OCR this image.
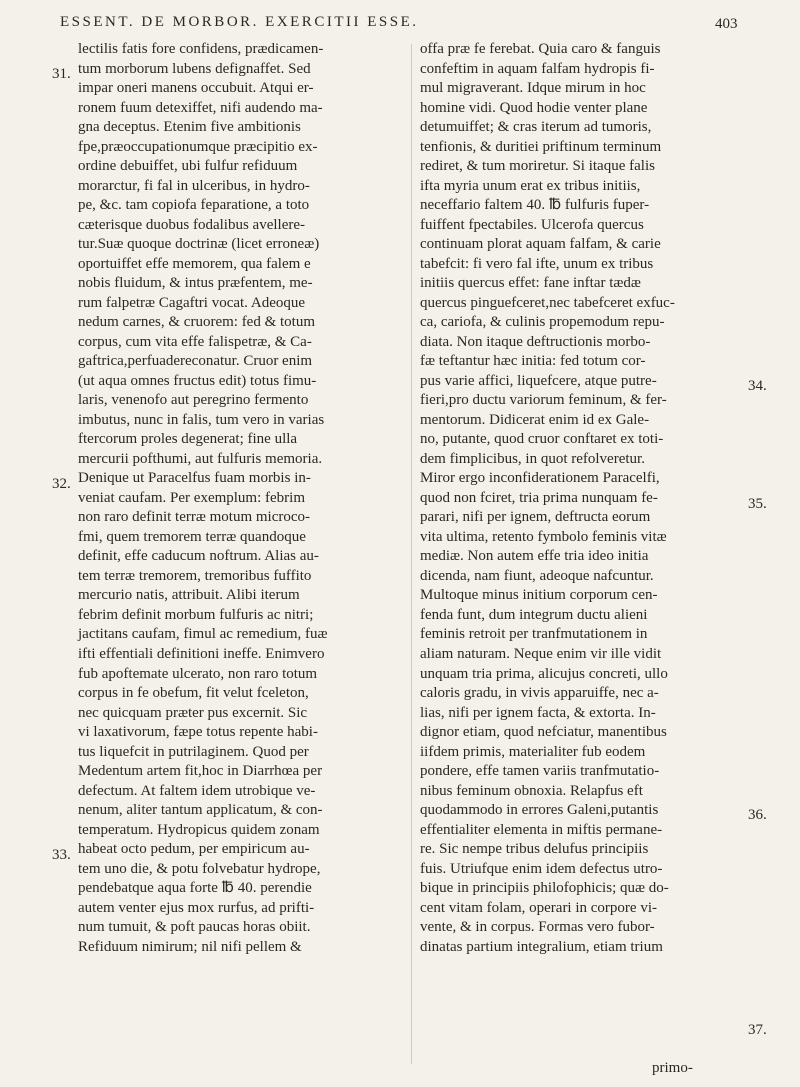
ESSENT. DE MORBOR. EXERCITII ESSE.	403
lectilis fatis fore confidens, prædicamen-
tum morborum lubens defignaffet. Sed
impar oneri manens occubuit. Atqui er-
ronem fuum detexiffet, nifi audendo ma-
gna deceptus. Etenim five ambitionis
fpe,præoccupationumque præcipitio ex-
ordine debuiffet, ubi fulfur refiduum
morarctur, fi fal in ulceribus, in hydro-
pe, &c. tam copiofa feparatione, a toto
cæterisque duobus fodalibus avellere-
tur.Suæ quoque doctrinæ (licet erroneæ)
oportuiffet effe memorem, qua falem e
nobis fluidum, & intus præfentem, me-
rum falpetræ Cagaftri vocat. Adeoque
nedum carnes, & cruorem: fed & totum
corpus, cum vita effe falispetræ, & Ca-
gaftrica,perfuadereconatur. Cruor enim
(ut aqua omnes fructus edit) totus fimu-
laris, venenofo aut peregrino fermento
imbutus, nunc in falis, tum vero in varias
ftercorum proles degenerat; fine ulla
mercurii pofthumi, aut fulfuris memoria.
Denique ut Paracelfus fuam morbis in-
veniat caufam. Per exemplum: febrim
non raro definit terræ motum microco-
fmi, quem tremorem terræ quandoque
definit, effe caducum noftrum. Alias au-
tem terræ tremorem, tremoribus fuffito
mercurio natis, attribuit. Alibi iterum
febrim definit morbum fulfuris ac nitri;
jactitans caufam, fimul ac remedium, fuæ
ifti effentiali definitioni ineffe. Enimvero
fub apoftemate ulcerato, non raro totum
corpus in fe obefum, fit velut fceleton,
nec quicquam præter pus excernit. Sic
vi laxativorum, fæpe totus repente habi-
tus liquefcit in putrilaginem. Quod per
Medentum artem fit,hoc in Diarrhœa per
defectum. At faltem idem utrobique ve-
nenum, aliter tantum applicatum, & con-
temperatum. Hydropicus quidem zonam
habeat octo pedum, per empiricum au-
tem uno die, & potu folvebatur hydrope,
pendebatque aqua forte ℔ 40. perendie
autem venter ejus mox rurfus, ad prifti-
num tumuit, & poft paucas horas obiit.
Refiduum nimirum; nil nifi pellem &
offa præ fe ferebat. Quia caro & fanguis
confeftim in aquam falfam hydropis fi-
mul migraverant. Idque mirum in hoc
homine vidi. Quod hodie venter plane
detumuiffet; & cras iterum ad tumoris,
tenfionis, & duritiei priftinum terminum
rediret, & tum moriretur. Si itaque falis
ifta myria unum erat ex tribus initiis,
neceffario faltem 40. ℔ fulfuris fuper-
fuiffent fpectabiles. Ulcerofa quercus
continuam plorat aquam falfam, & carie
tabefcit: fi vero fal ifte, unum ex tribus
initiis quercus effet: fane inftar tædæ
quercus pinguefceret,nec tabefceret exfuc-
ca, cariofa, & culinis propemodum repu-
diata. Non itaque deftructionis morbo-
fæ teftantur hæc initia: fed totum cor-
pus varie affici, liquefcere, atque putre-
fieri,pro ductu variorum feminum, & fer-
mentorum. Didicerat enim id ex Gale-
no, putante, quod cruor conftaret ex toti-
dem fimplicibus, in quot refolveretur.
Miror ergo inconfiderationem Paracelfi,
quod non fciret, tria prima nunquam fe-
parari, nifi per ignem, deftructa eorum
vita ultima, retento fymbolo feminis vitæ
mediæ. Non autem effe tria ideo initia
dicenda, nam fiunt, adeoque nafcuntur.
Multoque minus initium corporum cen-
fenda funt, dum integrum ductu alieni
feminis retroit per tranfmutationem in
aliam naturam. Neque enim vir ille vidit
unquam tria prima, alicujus concreti, ullo
caloris gradu, in vivis apparuiffe, nec a-
lias, nifi per ignem facta, & extorta. In-
dignor etiam, quod nefciatur, manentibus
iifdem primis, materialiter fub eodem
pondere, effe tamen variis tranfmutatio-
nibus feminum obnoxia. Relapfus eft
quodammodo in errores Galeni,putantis
effentialiter elementa in miftis permane-
re. Sic nempe tribus delufus principiis
fuis. Utriufque enim idem defectus utro-
bique in principiis philofophicis; quæ do-
cent vitam folam, operari in corpore vi-
vente, & in corpus. Formas vero fubor-
dinatas partium integralium, etiam trium
31.
32.
33.
34.
35.
36.
37.
primo-
